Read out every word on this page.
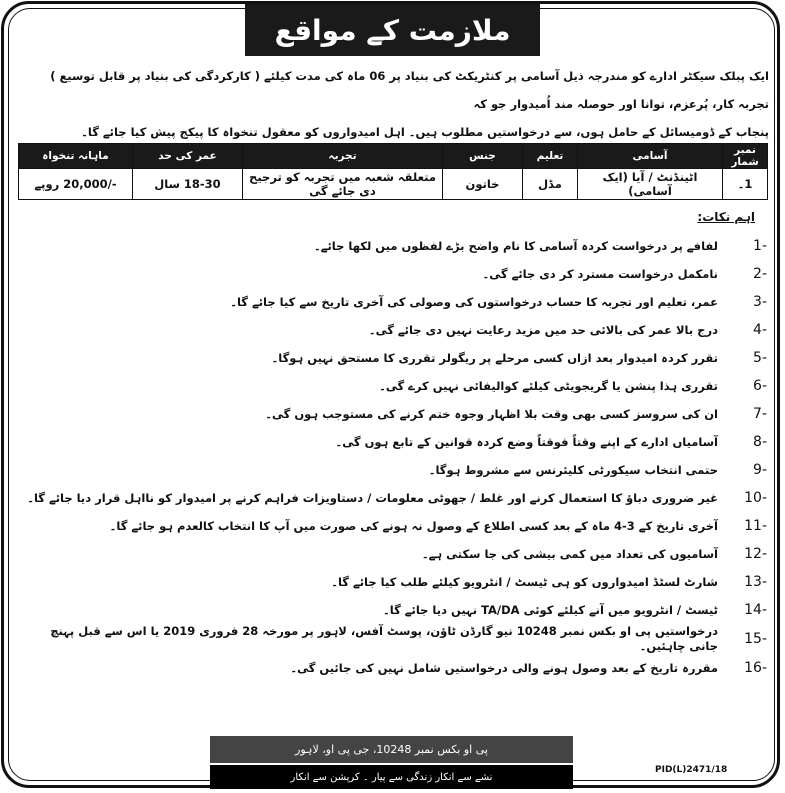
ملازمت کے مواقع
ایک پبلک سیکٹر ادارے کو مندرجہ ذیل آسامی پر کنٹریکٹ کی بنیاد پر 06 ماہ کی مدت کیلئے ( کارکردگی کی بنیاد پر قابل توسیع ) تجربہ کار، پُرعزم، توانا اور حوصلہ مند اُمیدوار جو کہ
پنجاب کے ڈومیسائل کے حامل ہوں، سے درخواستیں مطلوب ہیں۔ اہل امیدواروں کو معقول تنخواہ کا پیکج پیش کیا جائے گا۔
نمبر شمار	آسامی	تعلیم	جنس	تجربہ	عمر کی حد	ماہانہ تنخواہ
1۔	اٹینڈنٹ / آیا (ایک آسامی)	مڈل	خاتون	متعلقہ شعبہ میں تجربہ کو ترجیح دی جائے گی	18-30 سال	-/20,000 روپے
اہم نکات:
1-
لفافے پر درخواست کردہ آسامی کا نام واضح بڑے لفظوں میں لکھا جائے۔
2-
نامکمل درخواست مسترد کر دی جائے گی۔
3-
عمر، تعلیم اور تجربہ کا حساب درخواستوں کی وصولی کی آخری تاریخ سے کیا جائے گا۔
4-
درج بالا عمر کی بالائی حد میں مزید رعایت نہیں دی جائے گی۔
5-
تقرر کردہ امیدوار بعد ازاں کسی مرحلے پر ریگولر تقرری کا مستحق نہیں ہوگا۔
6-
تقرری ہذا پنشن یا گریجویٹی کیلئے کوالیفائی نہیں کرے گی۔
7-
ان کی سروسز کسی بھی وقت بلا اظہار وجوہ ختم کرنے کی مستوجب ہوں گی۔
8-
آسامیاں ادارے کے اپنے وقتاً فوقتاً وضع کردہ قوانین کے تابع ہوں گی۔
9-
حتمی انتخاب سیکورٹی کلیئرنس سے مشروط ہوگا۔
10-
غیر ضروری دباؤ کا استعمال کرنے اور غلط / جھوٹی معلومات / دستاویزات فراہم کرنے پر امیدوار کو نااہل قرار دیا جائے گا۔
11-
آخری تاریخ کے 3-4 ماہ کے بعد کسی اطلاع کے وصول نہ ہونے کی صورت میں آپ کا انتخاب کالعدم ہو جائے گا۔
12-
آسامیوں کی تعداد میں کمی بیشی کی جا سکتی ہے۔
13-
شارٹ لسٹڈ امیدواروں کو ہی ٹیسٹ / انٹرویو کیلئے طلب کیا جائے گا۔
14-
ٹیسٹ / انٹرویو میں آنے کیلئے کوئی TA/DA نہیں دیا جائے گا۔
15-
درخواستیں پی او بکس نمبر 10248 نیو گارڈن ٹاؤن، پوسٹ آفس، لاہور پر مورخہ 28 فروری 2019 یا اس سے قبل پہنچ جانی چاہئیں۔
16-
مقررہ تاریخ کے بعد وصول ہونے والی درخواستیں شامل نہیں کی جائیں گی۔
پی او بکس نمبر 10248، جی پی او، لاہور
نشے سے انکار زندگی سے پیار ۔ کرپشن سے انکار
PID(L)2471/18
